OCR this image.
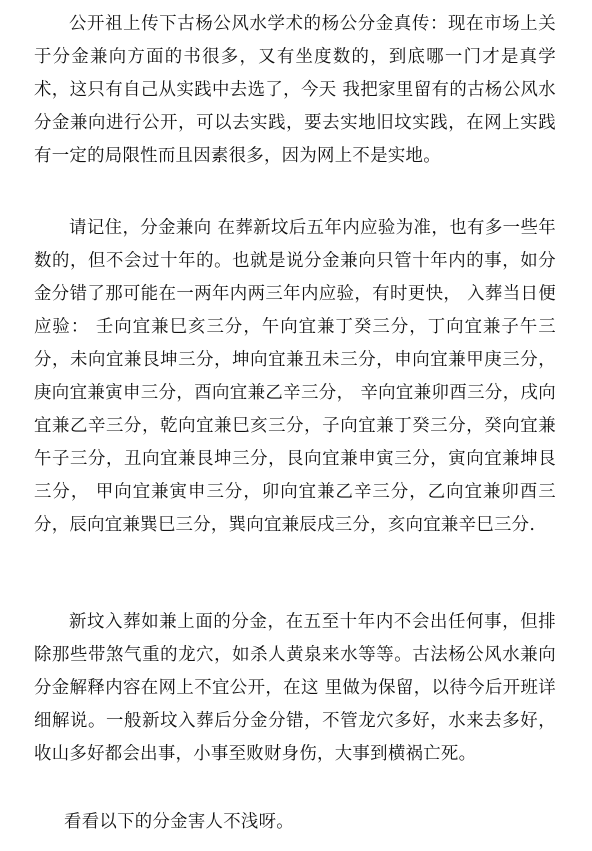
公开祖上传下古杨公风水学术的杨公分金真传：现在市场上关于分金兼向方面的书很多，又有坐度数的，到底哪一门才是真学术，这只有自己从实践中去选了，今天 我把家里留有的古杨公风水分金兼向进行公开，可以去实践，要去实地旧坟实践，在网上实践有一定的局限性而且因素很多，因为网上不是实地。

请记住，分金兼向 在葬新坟后五年内应验为准，也有多一些年数的，但不会过十年的。也就是说分金兼向只管十年内的事，如分金分错了那可能在一两年内两三年内应验，有时更快， 入葬当日便应验： 壬向宜兼巳亥三分，午向宜兼丁癸三分，丁向宜兼子午三分，未向宜兼艮坤三分，坤向宜兼丑未三分，申向宜兼甲庚三分，庚向宜兼寅申三分，酉向宜兼乙辛三分， 辛向宜兼卯酉三分，戌向宜兼乙辛三分，乾向宜兼巳亥三分，子向宜兼丁癸三分，癸向宜兼午子三分，丑向宜兼艮坤三分，艮向宜兼申寅三分，寅向宜兼坤艮三分， 甲向宜兼寅申三分，卯向宜兼乙辛三分，乙向宜兼卯酉三分，辰向宜兼巽巳三分，巽向宜兼辰戌三分，亥向宜兼辛巳三分.

新坟入葬如兼上面的分金，在五至十年内不会出任何事，但排除那些带煞气重的龙穴，如杀人黄泉来水等等。古法杨公风水兼向分金解释内容在网上不宜公开，在这 里做为保留，以待今后开班详细解说。一般新坟入葬后分金分错，不管龙穴多好，水来去多好，收山多好都会出事，小事至败财身伤，大事到横祸亡死。

看看以下的分金害人不浅呀。
